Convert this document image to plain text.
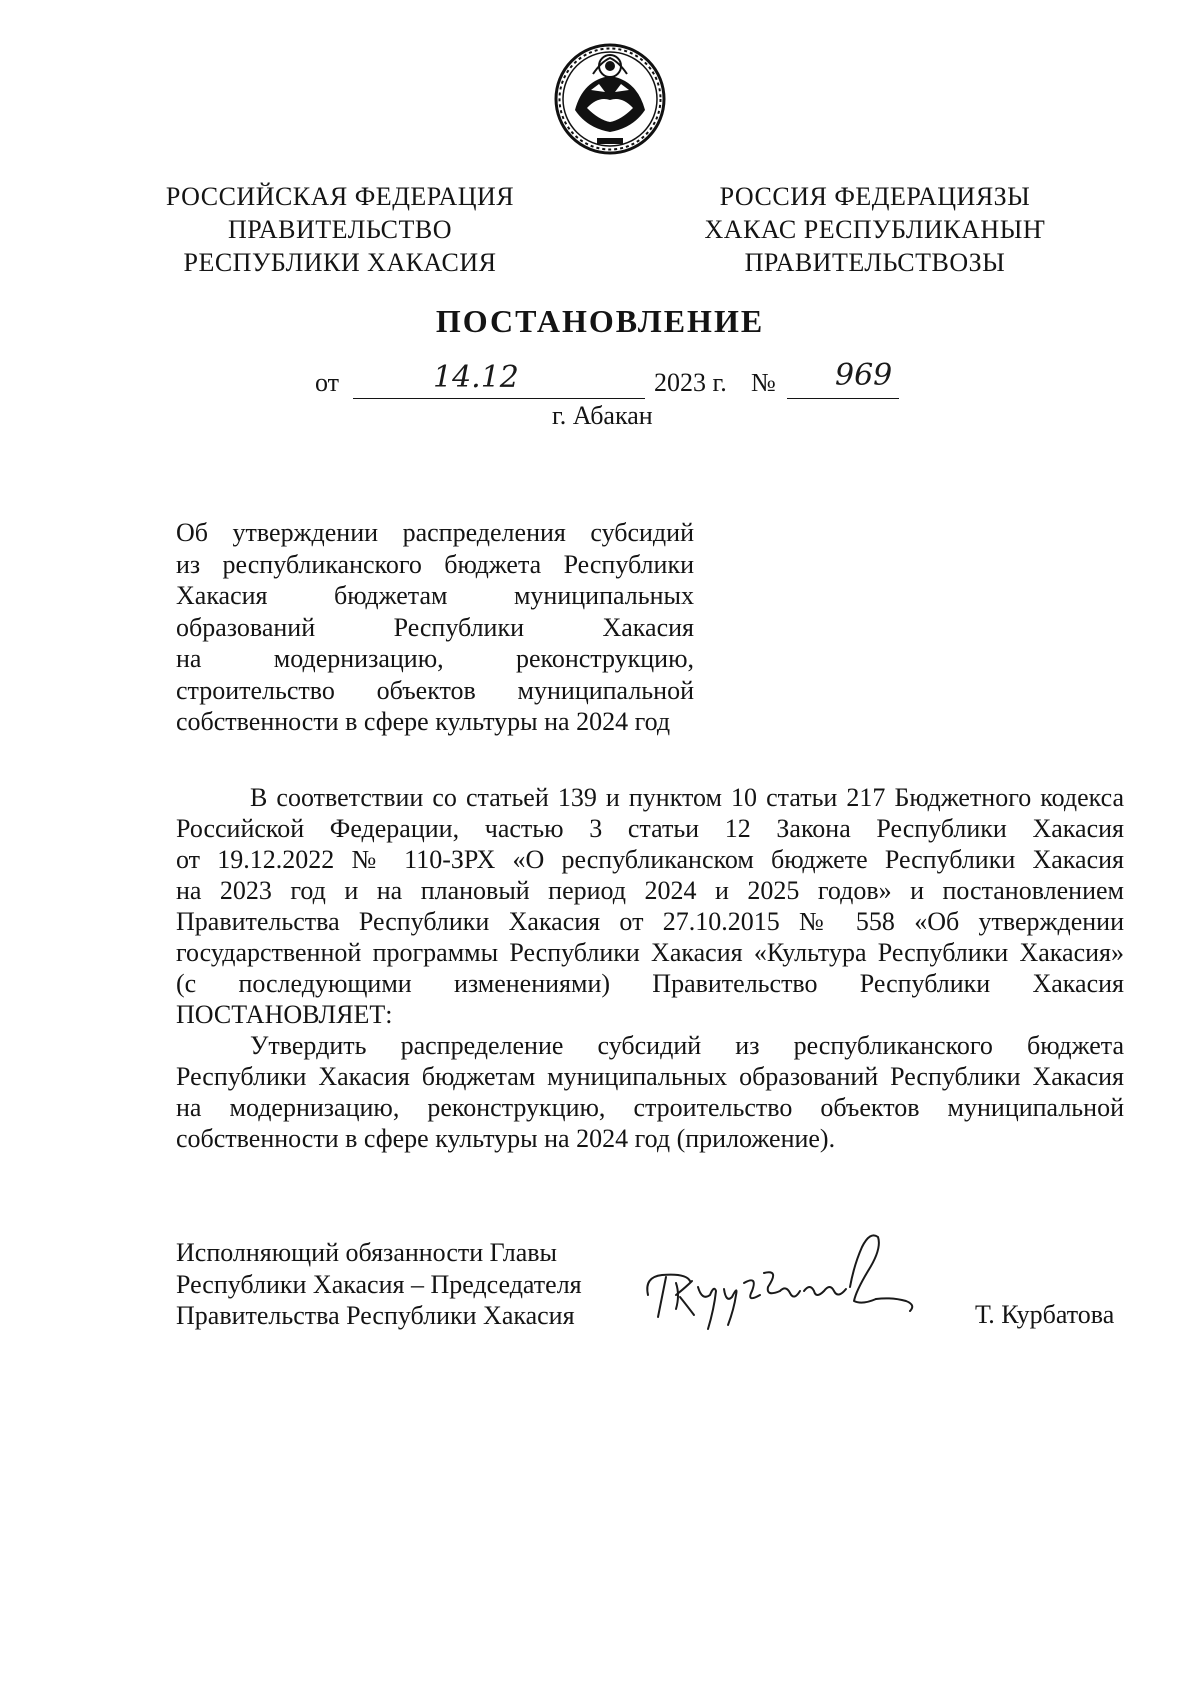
РОССИЙСКАЯ ФЕДЕРАЦИЯ
ПРАВИТЕЛЬСТВО
РЕСПУБЛИКИ ХАКАСИЯ
РОССИЯ ФЕДЕРАЦИЯЗЫ
ХАКАС РЕСПУБЛИКАНЫҤ
ПРАВИТЕЛЬСТВОЗЫ
ПОСТАНОВЛЕНИЕ
от	14.12	2023 г. № 969
г. Абакан
Об утверждении распределения субсидий
из республиканского бюджета Республики
Хакасия бюджетам муниципальных
образований Республики Хакасия
на модернизацию, реконструкцию,
строительство объектов муниципальной
собственности в сфере культуры на 2024 год
В соответствии со статьей 139 и пунктом 10 статьи 217 Бюджетного кодекса
Российской Федерации, частью 3 статьи 12 Закона Республики Хакасия
от 19.12.2022 № 110-ЗРХ «О республиканском бюджете Республики Хакасия
на 2023 год и на плановый период 2024 и 2025 годов» и постановлением
Правительства Республики Хакасия от 27.10.2015 № 558 «Об утверждении
государственной программы Республики Хакасия «Культура Республики Хакасия»
(с последующими изменениями) Правительство Республики Хакасия
ПОСТАНОВЛЯЕТ:
Утвердить распределение субсидий из республиканского бюджета
Республики Хакасия бюджетам муниципальных образований Республики Хакасия
на модернизацию, реконструкцию, строительство объектов муниципальной
собственности в сфере культуры на 2024 год (приложение).
Исполняющий обязанности Главы
Республики Хакасия – Председателя
Правительства Республики Хакасия	Т. Курбатова
